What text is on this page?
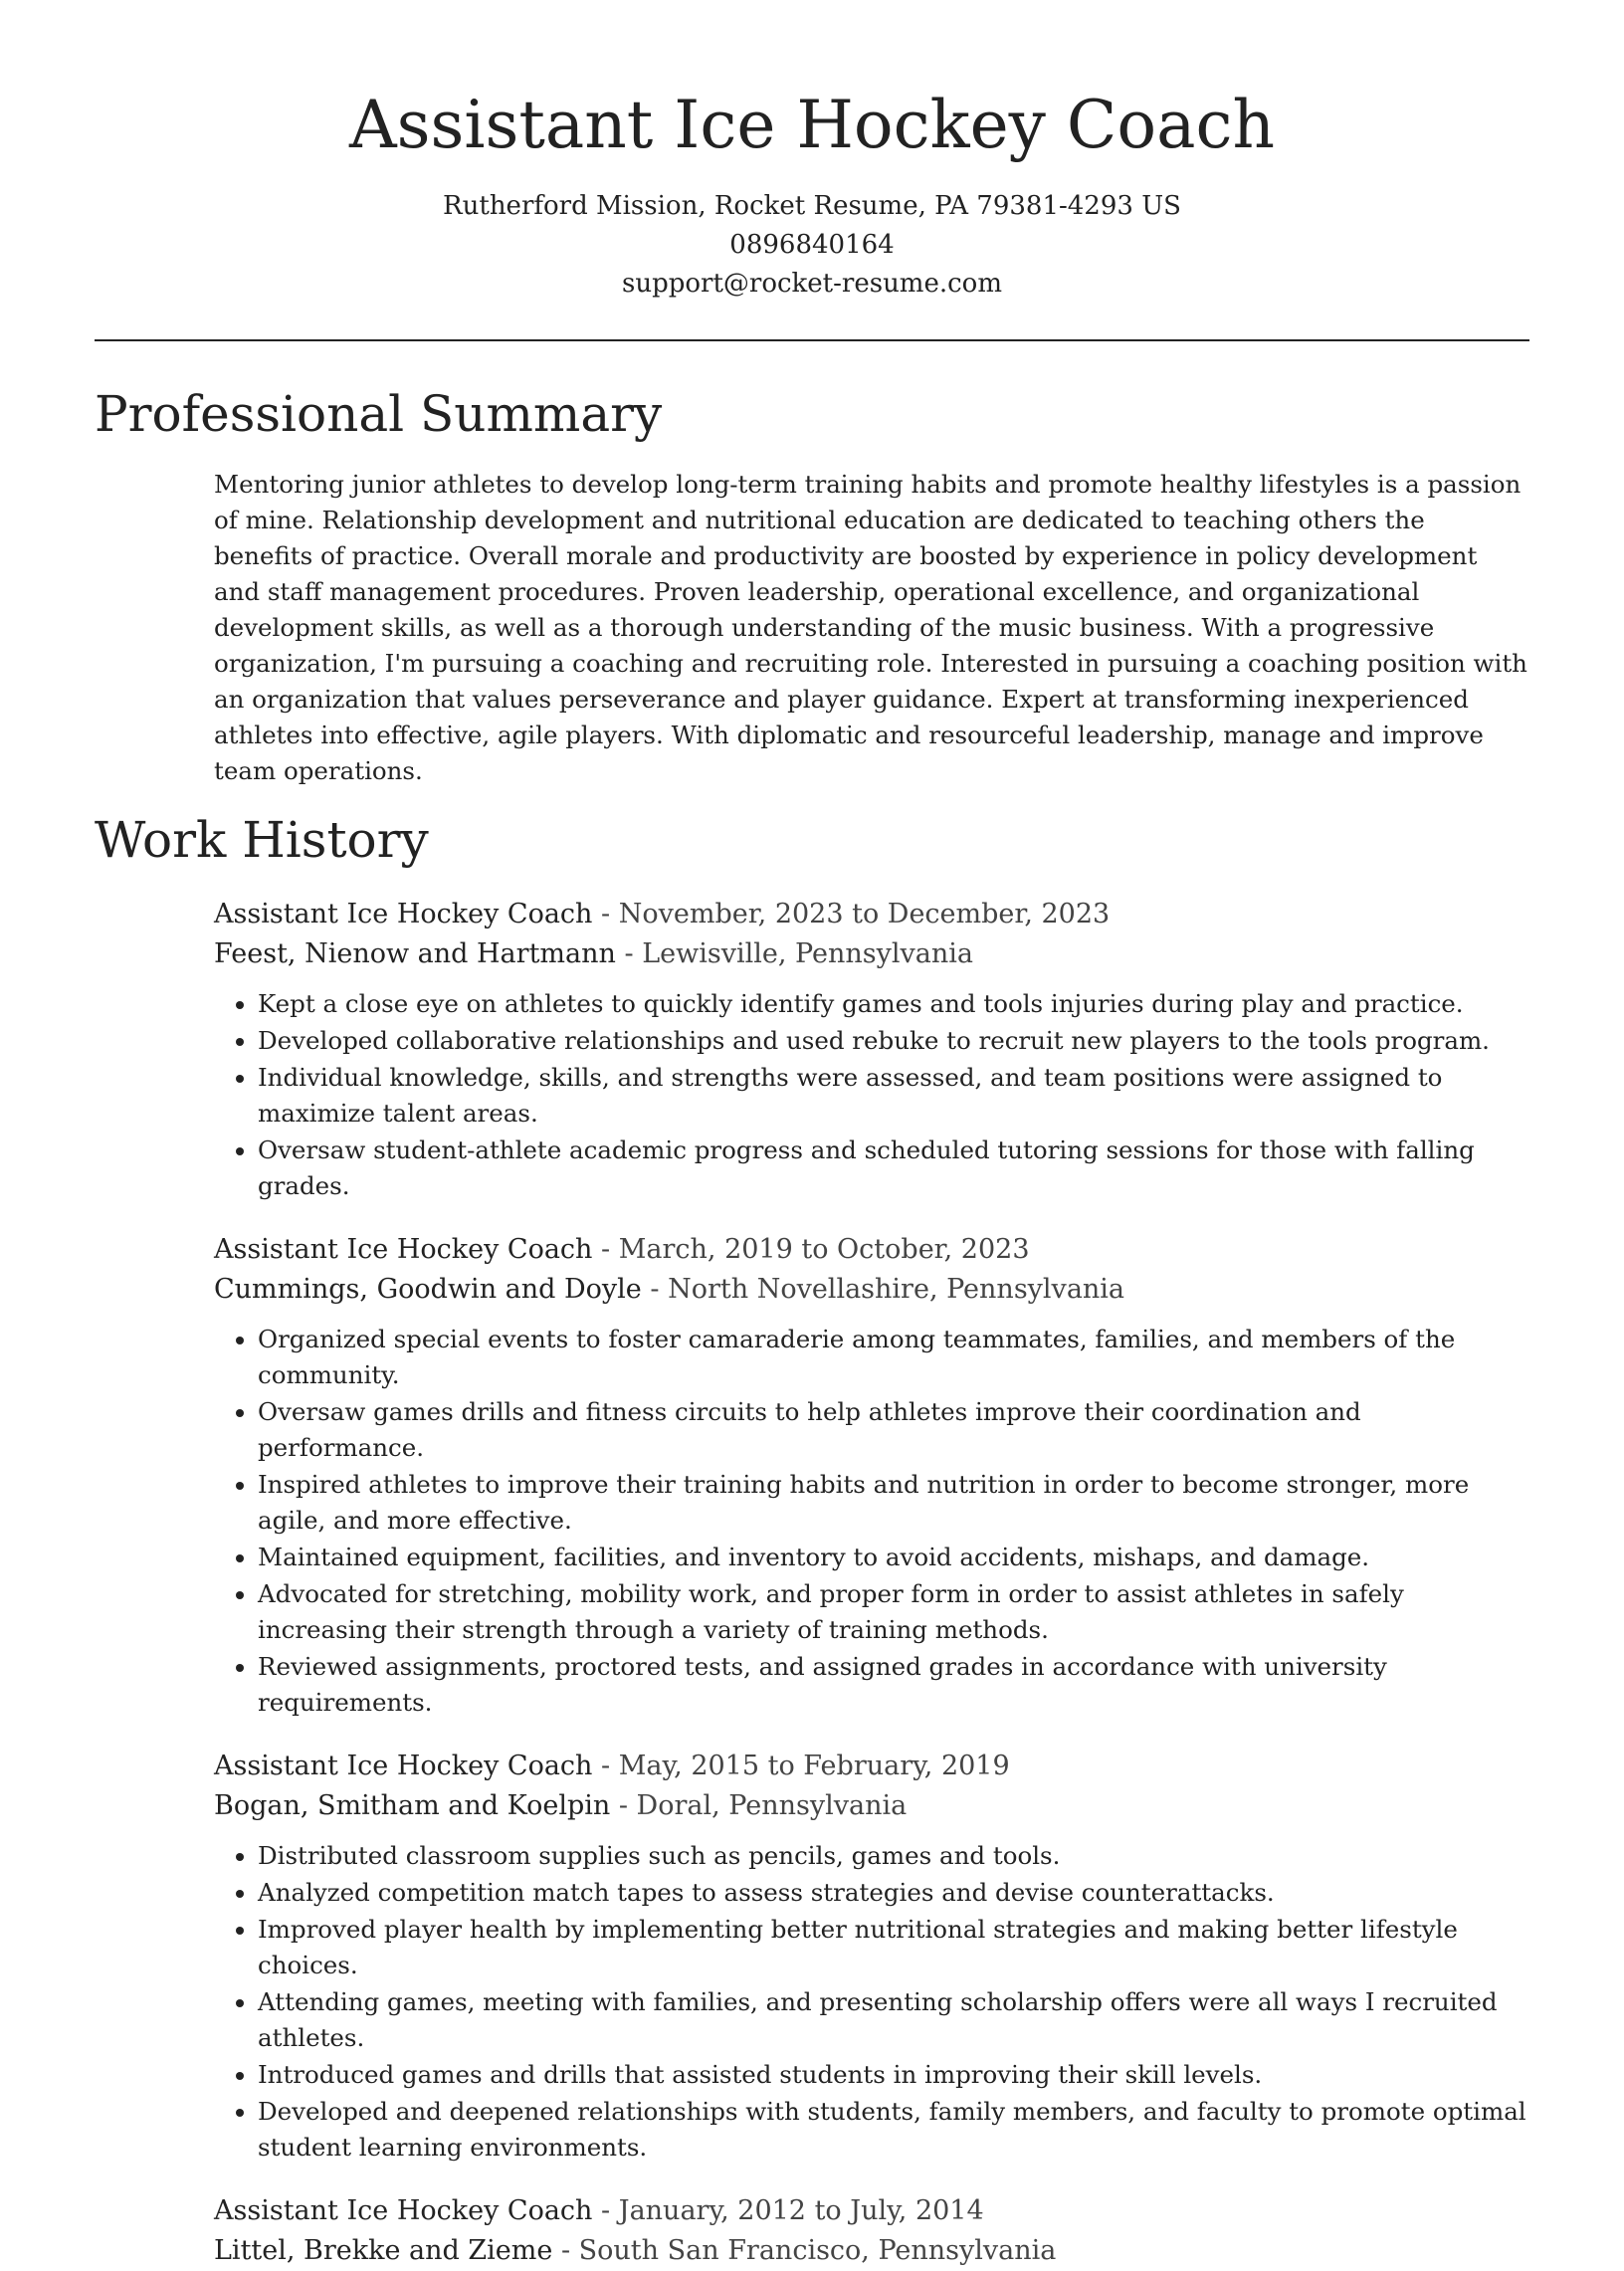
Assistant Ice Hockey Coach
Rutherford Mission, Rocket Resume, PA 79381-4293 US
0896840164
support@rocket-resume.com
Professional Summary

Mentoring junior athletes to develop long-term training habits and promote healthy lifestyles is a passion of mine. Relationship development and nutritional education are dedicated to teaching others the benefits of practice. Overall morale and productivity are boosted by experience in policy development and staff management procedures. Proven leadership, operational excellence, and organizational development skills, as well as a thorough understanding of the music business. With a progressive organization, I'm pursuing a coaching and recruiting role. Interested in pursuing a coaching position with an organization that values perseverance and player guidance. Expert at transforming inexperienced athletes into effective, agile players. With diplomatic and resourceful leadership, manage and improve team operations.

Work History
Assistant Ice Hockey Coach - November, 2023 to December, 2023
Feest, Nienow and Hartmann - Lewisville, Pennsylvania
• Kept a close eye on athletes to quickly identify games and tools injuries during play and practice.
• Developed collaborative relationships and used rebuke to recruit new players to the tools program.
• Individual knowledge, skills, and strengths were assessed, and team positions were assigned to maximize talent areas.
• Oversaw student-athlete academic progress and scheduled tutoring sessions for those with falling grades.
Assistant Ice Hockey Coach - March, 2019 to October, 2023
Cummings, Goodwin and Doyle - North Novellashire, Pennsylvania
• Organized special events to foster camaraderie among teammates, families, and members of the community.
• Oversaw games drills and fitness circuits to help athletes improve their coordination and performance.
• Inspired athletes to improve their training habits and nutrition in order to become stronger, more agile, and more effective.
• Maintained equipment, facilities, and inventory to avoid accidents, mishaps, and damage.
• Advocated for stretching, mobility work, and proper form in order to assist athletes in safely increasing their strength through a variety of training methods.
• Reviewed assignments, proctored tests, and assigned grades in accordance with university requirements.
Assistant Ice Hockey Coach - May, 2015 to February, 2019
Bogan, Smitham and Koelpin - Doral, Pennsylvania
• Distributed classroom supplies such as pencils, games and tools.
• Analyzed competition match tapes to assess strategies and devise counterattacks.
• Improved player health by implementing better nutritional strategies and making better lifestyle choices.
• Attending games, meeting with families, and presenting scholarship offers were all ways I recruited athletes.
• Introduced games and drills that assisted students in improving their skill levels.
• Developed and deepened relationships with students, family members, and faculty to promote optimal student learning environments.
Assistant Ice Hockey Coach - January, 2012 to July, 2014
Littel, Brekke and Zieme - South San Francisco, Pennsylvania
